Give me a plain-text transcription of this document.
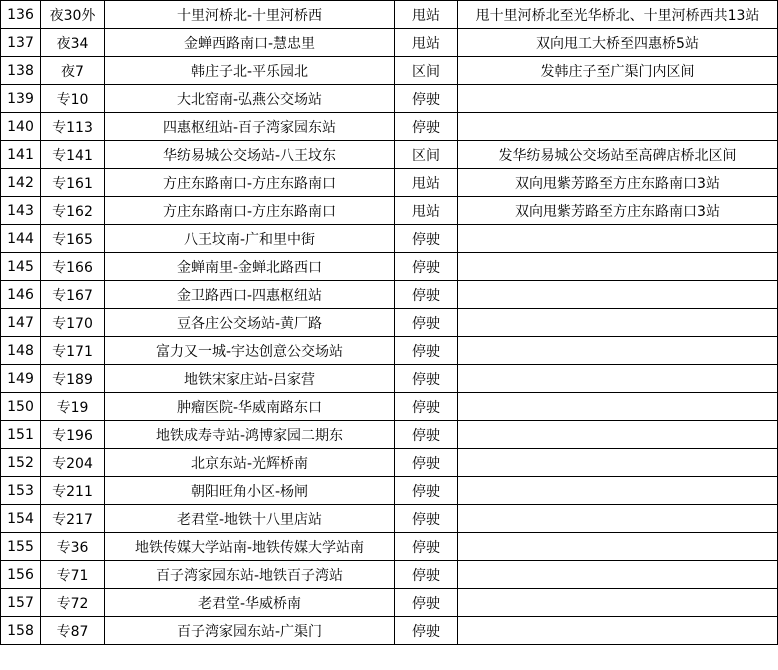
136	夜30外	十里河桥北-十里河桥西	甩站	甩十里河桥北至光华桥北、十里河桥西共13站
137	夜34	金蝉西路南口-慧忠里	甩站	双向甩工大桥至四惠桥5站
138	夜7	韩庄子北-平乐园北	区间	发韩庄子至广渠门内区间
139	专10	大北窑南-弘燕公交场站	停驶	
140	专113	四惠枢纽站-百子湾家园东站	停驶	
141	专141	华纺易城公交场站-八王坟东	区间	发华纺易城公交场站至高碑店桥北区间
142	专161	方庄东路南口-方庄东路南口	甩站	双向甩紫芳路至方庄东路南口3站
143	专162	方庄东路南口-方庄东路南口	甩站	双向甩紫芳路至方庄东路南口3站
144	专165	八王坟南-广和里中街	停驶	
145	专166	金蝉南里-金蝉北路西口	停驶	
146	专167	金卫路西口-四惠枢纽站	停驶	
147	专170	豆各庄公交场站-黄厂路	停驶	
148	专171	富力又一城-宇达创意公交场站	停驶	
149	专189	地铁宋家庄站-吕家营	停驶	
150	专19	肿瘤医院-华威南路东口	停驶	
151	专196	地铁成寿寺站-鸿博家园二期东	停驶	
152	专204	北京东站-光辉桥南	停驶	
153	专211	朝阳旺角小区-杨闸	停驶	
154	专217	老君堂-地铁十八里店站	停驶	
155	专36	地铁传媒大学站南-地铁传媒大学站南	停驶	
156	专71	百子湾家园东站-地铁百子湾站	停驶	
157	专72	老君堂-华威桥南	停驶	
158	专87	百子湾家园东站-广渠门	停驶	
